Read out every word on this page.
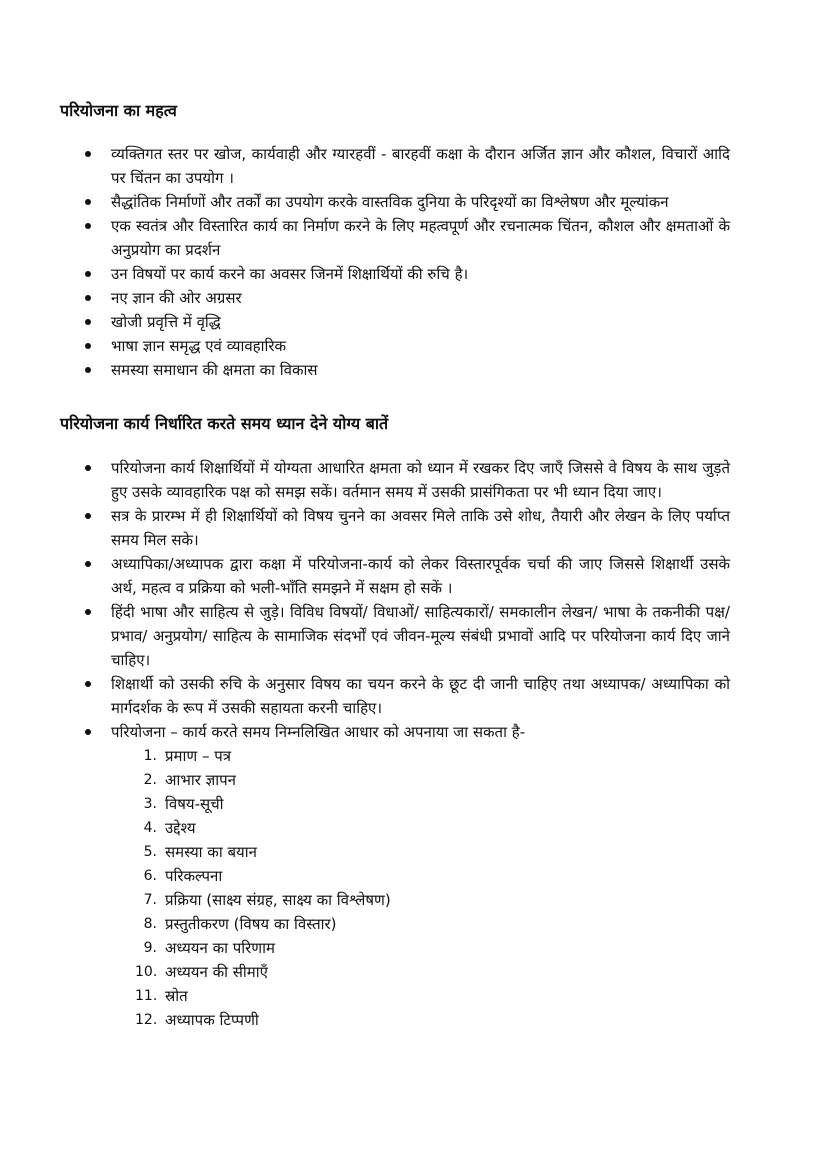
परियोजना का महत्व
व्यक्तिगत स्तर पर खोज, कार्यवाही और ग्यारहवीं - बारहवीं कक्षा के दौरान अर्जित ज्ञान और कौशल, विचारों आदि पर चिंतन का उपयोग ।
सैद्धांतिक निर्माणों और तर्कों का उपयोग करके वास्तविक दुनिया के परिदृश्यों का विश्लेषण और मूल्यांकन
एक स्वतंत्र और विस्तारित कार्य का निर्माण करने के लिए महत्वपूर्ण और रचनात्मक चिंतन, कौशल और क्षमताओं के अनुप्रयोग का प्रदर्शन
उन विषयों पर कार्य करने का अवसर जिनमें शिक्षार्थियों की रुचि है।
नए ज्ञान की ओर अग्रसर
खोजी प्रवृत्ति में वृद्धि
भाषा ज्ञान समृद्ध एवं व्यावहारिक
समस्या समाधान की क्षमता का विकास
परियोजना कार्य निर्धारित करते समय ध्यान देने योग्य बातें
परियोजना कार्य शिक्षार्थियों में योग्यता आधारित क्षमता को ध्यान में रखकर दिए जाएँ जिससे वे विषय के साथ जुड़ते हुए उसके व्यावहारिक पक्ष को समझ सकें। वर्तमान समय में उसकी प्रासंगिकता पर भी ध्यान दिया जाए।
सत्र के प्रारम्भ में ही शिक्षार्थियों को विषय चुनने का अवसर मिले ताकि उसे शोध, तैयारी और लेखन के लिए पर्याप्त समय मिल सके।
अध्यापिका/अध्यापक द्वारा कक्षा में परियोजना-कार्य को लेकर विस्तारपूर्वक चर्चा की जाए जिससे शिक्षार्थी उसके अर्थ, महत्व व प्रक्रिया को भली-भाँति समझने में सक्षम हो सकें ।
हिंदी भाषा और साहित्य से जुड़े। विविध विषयों/ विधाओं/ साहित्यकारों/ समकालीन लेखन/ भाषा के तकनीकी पक्ष/ प्रभाव/ अनुप्रयोग/ साहित्य के सामाजिक संदर्भों एवं जीवन-मूल्य संबंधी प्रभावों आदि पर परियोजना कार्य दिए जाने चाहिए।
शिक्षार्थी को उसकी रुचि के अनुसार विषय का चयन करने के छूट दी जानी चाहिए तथा अध्यापक/ अध्यापिका को मार्गदर्शक के रूप में उसकी सहायता करनी चाहिए।
परियोजना – कार्य करते समय निम्नलिखित आधार को अपनाया जा सकता है-
1. प्रमाण – पत्र
2. आभार ज्ञापन
3. विषय-सूची
4. उद्देश्य
5. समस्या का बयान
6. परिकल्पना
7. प्रक्रिया (साक्ष्य संग्रह, साक्ष्य का विश्लेषण)
8. प्रस्तुतीकरण (विषय का विस्तार)
9. अध्ययन का परिणाम
10. अध्ययन की सीमाएँ
11. स्रोत
12. अध्यापक टिप्पणी
